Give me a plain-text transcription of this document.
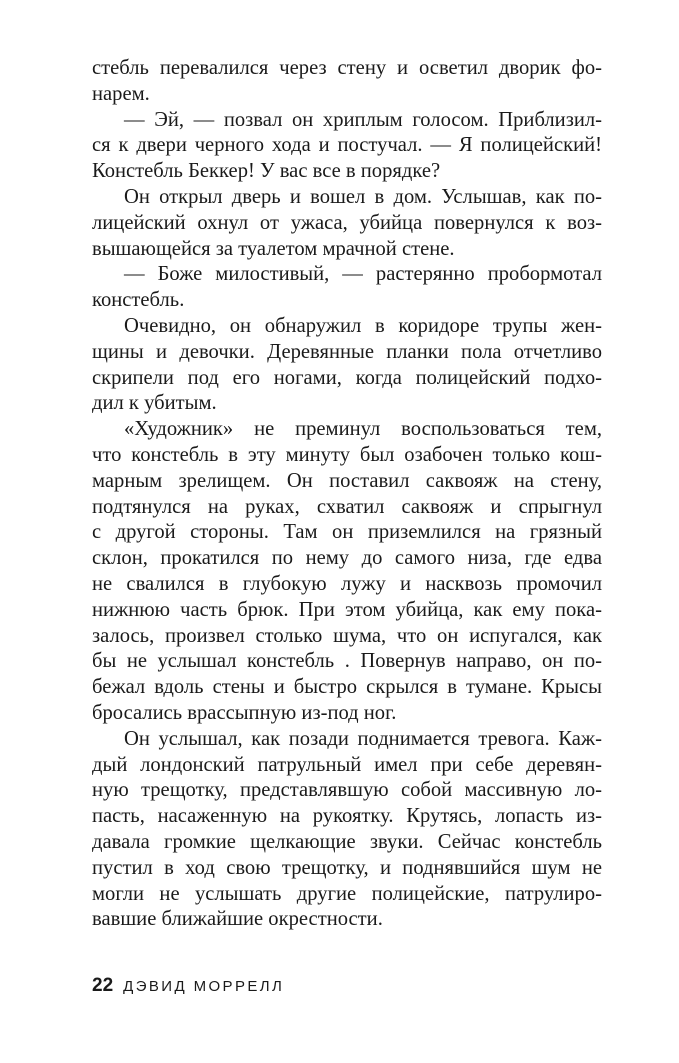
стебль перевалился через стену и осветил дворик фо-
нарем.
— Эй, — позвал он хриплым голосом. Приблизил-
ся к двери черного хода и постучал. — Я полицейский!
Констебль Беккер! У вас все в порядке?
Он открыл дверь и вошел в дом. Услышав, как по-
лицейский охнул от ужаса, убийца повернулся к воз-
вышающейся за туалетом мрачной стене.
— Боже милостивый, — растерянно пробормотал
констебль.
Очевидно, он обнаружил в коридоре трупы жен-
щины и девочки. Деревянные планки пола отчетливо
скрипели под его ногами, когда полицейский подхо-
дил к убитым.
«Художник» не преминул воспользоваться тем,
что констебль в эту минуту был озабочен только кош-
марным зрелищем. Он поставил саквояж на стену,
подтянулся на руках, схватил саквояж и спрыгнул
с другой стороны. Там он приземлился на грязный
склон, прокатился по нему до самого низа, где едва
не свалился в глубокую лужу и насквозь промочил
нижнюю часть брюк. При этом убийца, как ему пока-
залось, произвел столько шума, что он испугался, как
бы не услышал констебль . Повернув направо, он по-
бежал вдоль стены и быстро скрылся в тумане. Крысы
бросались врассыпную из-под ног.
Он услышал, как позади поднимается тревога. Каж-
дый лондонский патрульный имел при себе деревян-
ную трещотку, представлявшую собой массивную ло-
пасть, насаженную на рукоятку. Крутясь, лопасть из-
давала громкие щелкающие звуки. Сейчас констебль
пустил в ход свою трещотку, и поднявшийся шум не
могли не услышать другие полицейские, патрулиро-
вавшие ближайшие окрестности.
22 ДЭВИД МОРРЕЛЛ
